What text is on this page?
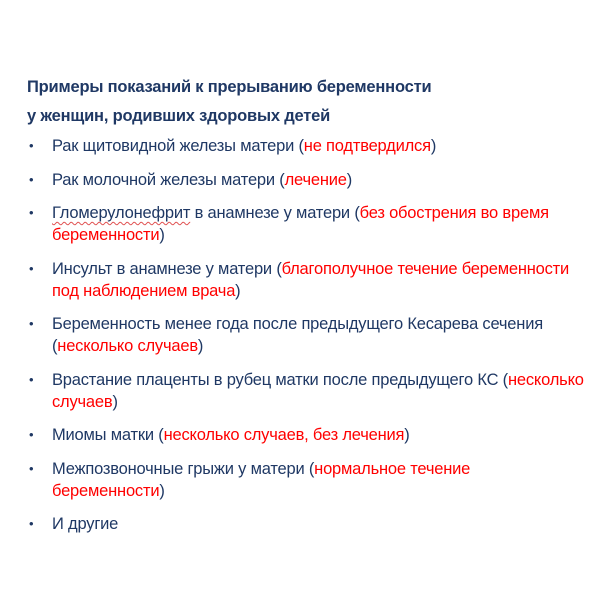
Примеры показаний к прерыванию беременности
у женщин, родивших здоровых детей
• Рак щитовидной железы матери (не подтвердился)
• Рак молочной железы матери (лечение)
• Гломерулонефрит в анамнезе у матери (без обострения во время беременности)
• Инсульт в анамнезе у матери (благополучное течение беременности под наблюдением врача)
• Беременность менее года после предыдущего Кесарева сечения (несколько случаев)
• Врастание плаценты в рубец матки после предыдущего КС (несколько случаев)
• Миомы матки (несколько случаев, без лечения)
• Межпозвоночные грыжи у матери (нормальное течение беременности)
• И другие
